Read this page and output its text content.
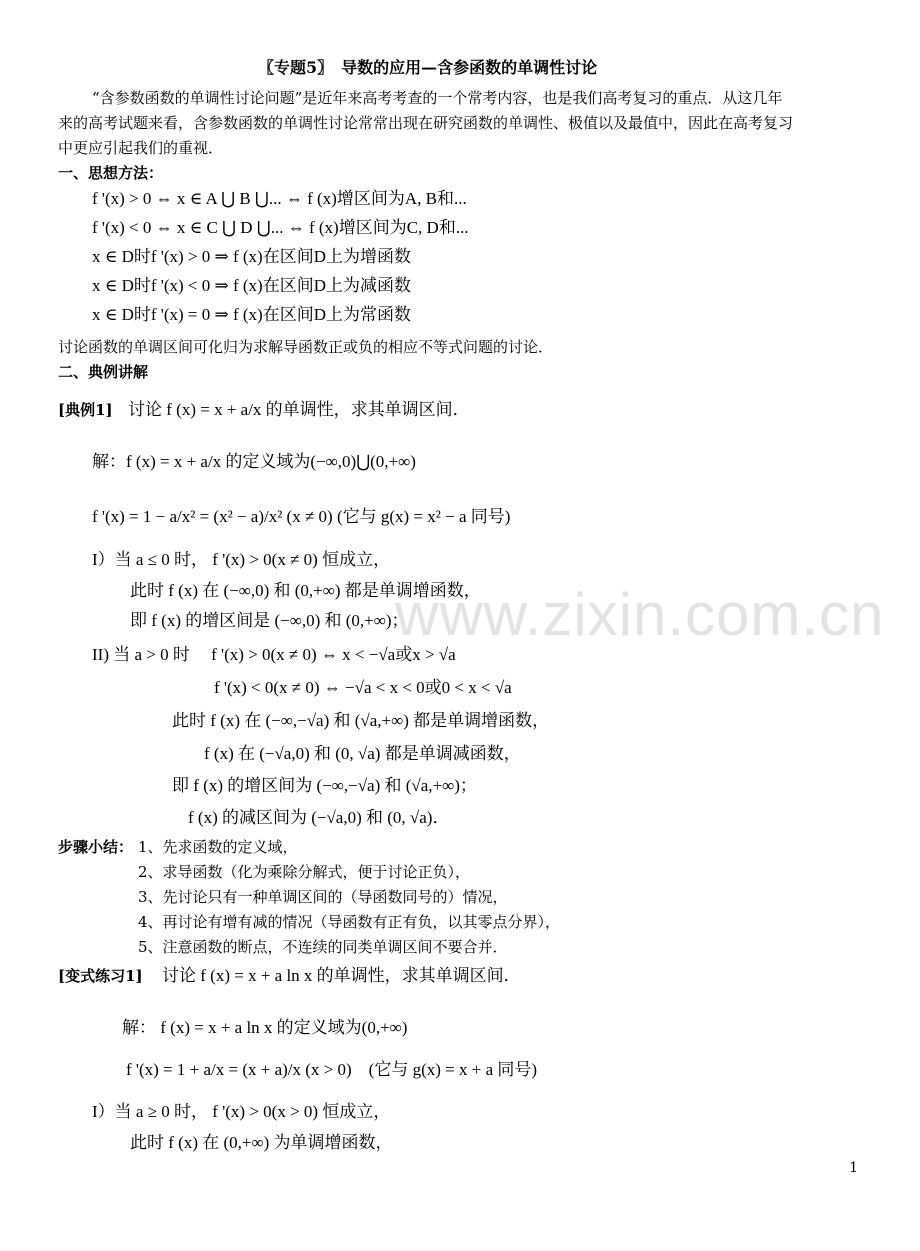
www.zixin.com.cn
〖专题5〗　导数的应用—含参函数的单调性讨论
“含参数函数的单调性讨论问题”是近年来高考考查的一个常考内容，也是我们高考复习的重点．从这几年
来的高考试题来看，含参数函数的单调性讨论常常出现在研究函数的单调性、极值以及最值中，因此在高考复习
中更应引起我们的重视．
一、思想方法：
f '(x) > 0 ⇔ x ∈ A ⋃ B ⋃... ⇔ f (x)增区间为A, B和...
f '(x) < 0 ⇔ x ∈ C ⋃ D ⋃... ⇔ f (x)增区间为C, D和...
x ∈ D时f '(x) > 0 ⇒ f (x)在区间D上为增函数
x ∈ D时f '(x) < 0 ⇒ f (x)在区间D上为减函数
x ∈ D时f '(x) = 0 ⇒ f (x)在区间D上为常函数
讨论函数的单调区间可化归为求解导函数正或负的相应不等式问题的讨论．
二、典例讲解
[典例1] 讨论 f (x) = x + a/x 的单调性，求其单调区间．
解：f (x) = x + a/x 的定义域为(−∞,0)⋃(0,+∞)
f '(x) = 1 − a/x² = (x² − a)/x² (x ≠ 0) (它与 g(x) = x² − a 同号)
I）当 a ≤ 0 时， f '(x) > 0(x ≠ 0) 恒成立，
此时 f (x) 在 (−∞,0) 和 (0,+∞) 都是单调增函数，
即 f (x) 的增区间是 (−∞,0) 和 (0,+∞)；
II) 当 a > 0 时　 f '(x) > 0(x ≠ 0) ⇔ x < −√a或x > √a
f '(x) < 0(x ≠ 0) ⇔ −√a < x < 0或0 < x < √a
此时 f (x) 在 (−∞,−√a) 和 (√a,+∞) 都是单调增函数，
f (x) 在 (−√a,0) 和 (0, √a) 都是单调减函数，
即 f (x) 的增区间为 (−∞,−√a) 和 (√a,+∞)；
f (x) 的减区间为 (−√a,0) 和 (0, √a)．
步骤小结： 1、先求函数的定义域，
2、求导函数（化为乘除分解式，便于讨论正负），
3、先讨论只有一种单调区间的（导函数同号的）情况，
4、再讨论有增有减的情况（导函数有正有负，以其零点分界），
5、注意函数的断点，不连续的同类单调区间不要合并．
[变式练习1] 讨论 f (x) = x + a ln x 的单调性，求其单调区间．
解： f (x) = x + a ln x 的定义域为(0,+∞)
f '(x) = 1 + a/x = (x + a)/x (x > 0)　(它与 g(x) = x + a 同号)
I）当 a ≥ 0 时， f '(x) > 0(x > 0) 恒成立，
此时 f (x) 在 (0,+∞) 为单调增函数，
1
